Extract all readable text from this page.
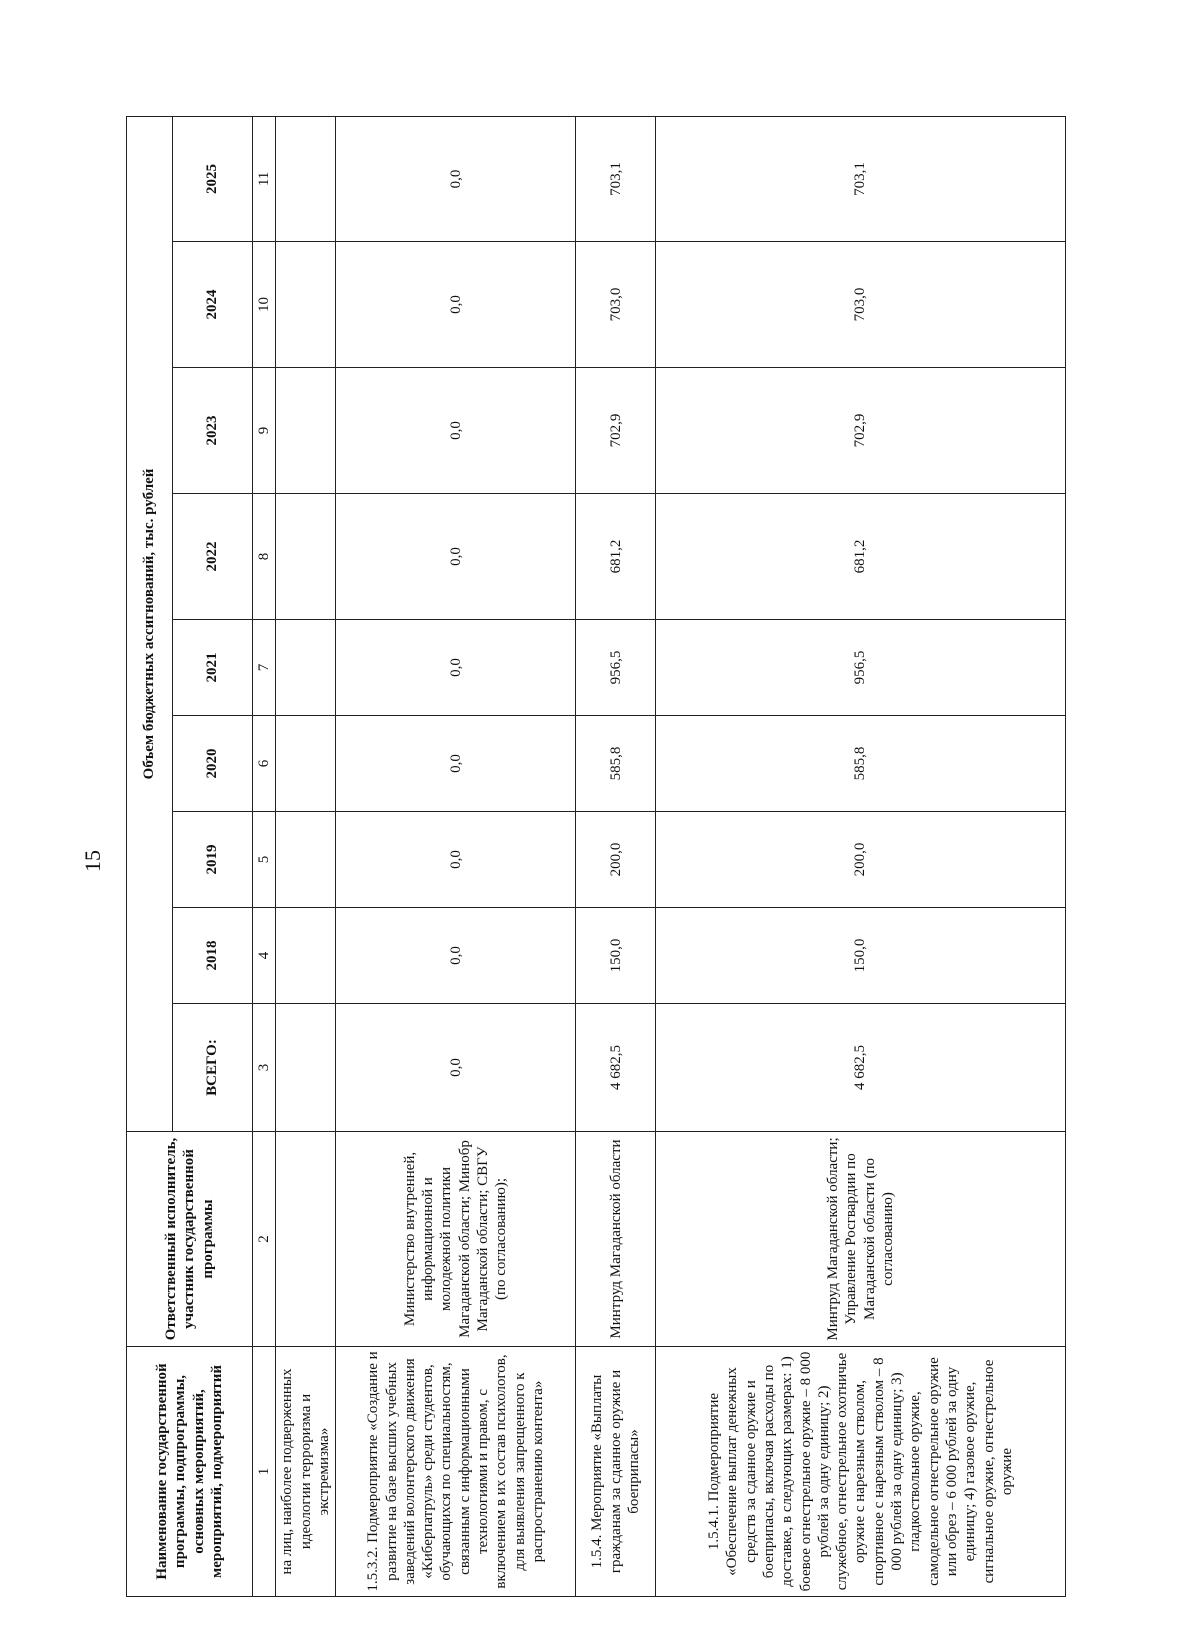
15
Наименование государственной программы, подпрограммы, основных мероприятий, мероприятий, подмероприятий	Ответственный исполнитель, участник государственной программы	Объем бюджетных ассигнований, тыс. рублей								
		ВСЕГО:	2018	2019	2020	2021	2022	2023	2024	2025
1	2	3	4	5	6	7	8	9	10	11
на лиц, наиболее подверженных идеологии терроризма и экстремизма»										
1.5.3.2. Подмероприятие «Создание и развитие на базе высших учебных заведений волонтерского движения «Киберпатруль» среди студентов, обучающихся по специальностям, связанным с информационными технологиями и правом, с включением в их состав психологов, для выявления запрещенного к распространению контента»	Министерство внутренней, информационной и молодежной политики Магаданской области; Минобр Магаданской области; СВГУ (по согласованию);	0,0	0,0	0,0	0,0	0,0	0,0	0,0	0,0	0,0
1.5.4. Мероприятие «Выплаты гражданам за сданное оружие и боеприпасы»	Минтруд Магаданской области	4 682,5	150,0	200,0	585,8	956,5	681,2	702,9	703,0	703,1
1.5.4.1. Подмероприятие «Обеспечение выплат денежных средств за сданное оружие и боеприпасы, включая расходы по доставке, в следующих размерах: 1) боевое огнестрельное оружие – 8 000 рублей за одну единицу; 2) служебное, огнестрельное охотничье оружие с нарезным стволом, спортивное с нарезным стволом – 8 000 рублей за одну единицу; 3) гладкоствольное оружие, самодельное огнестрельное оружие или обрез – 6 000 рублей за одну единицу; 4) газовое оружие, сигнальное оружие, огнестрельное оружие	Минтруд Магаданской области; Управление Росгвардии по Магаданской области (по согласованию)	4 682,5	150,0	200,0	585,8	956,5	681,2	702,9	703,0	703,1
